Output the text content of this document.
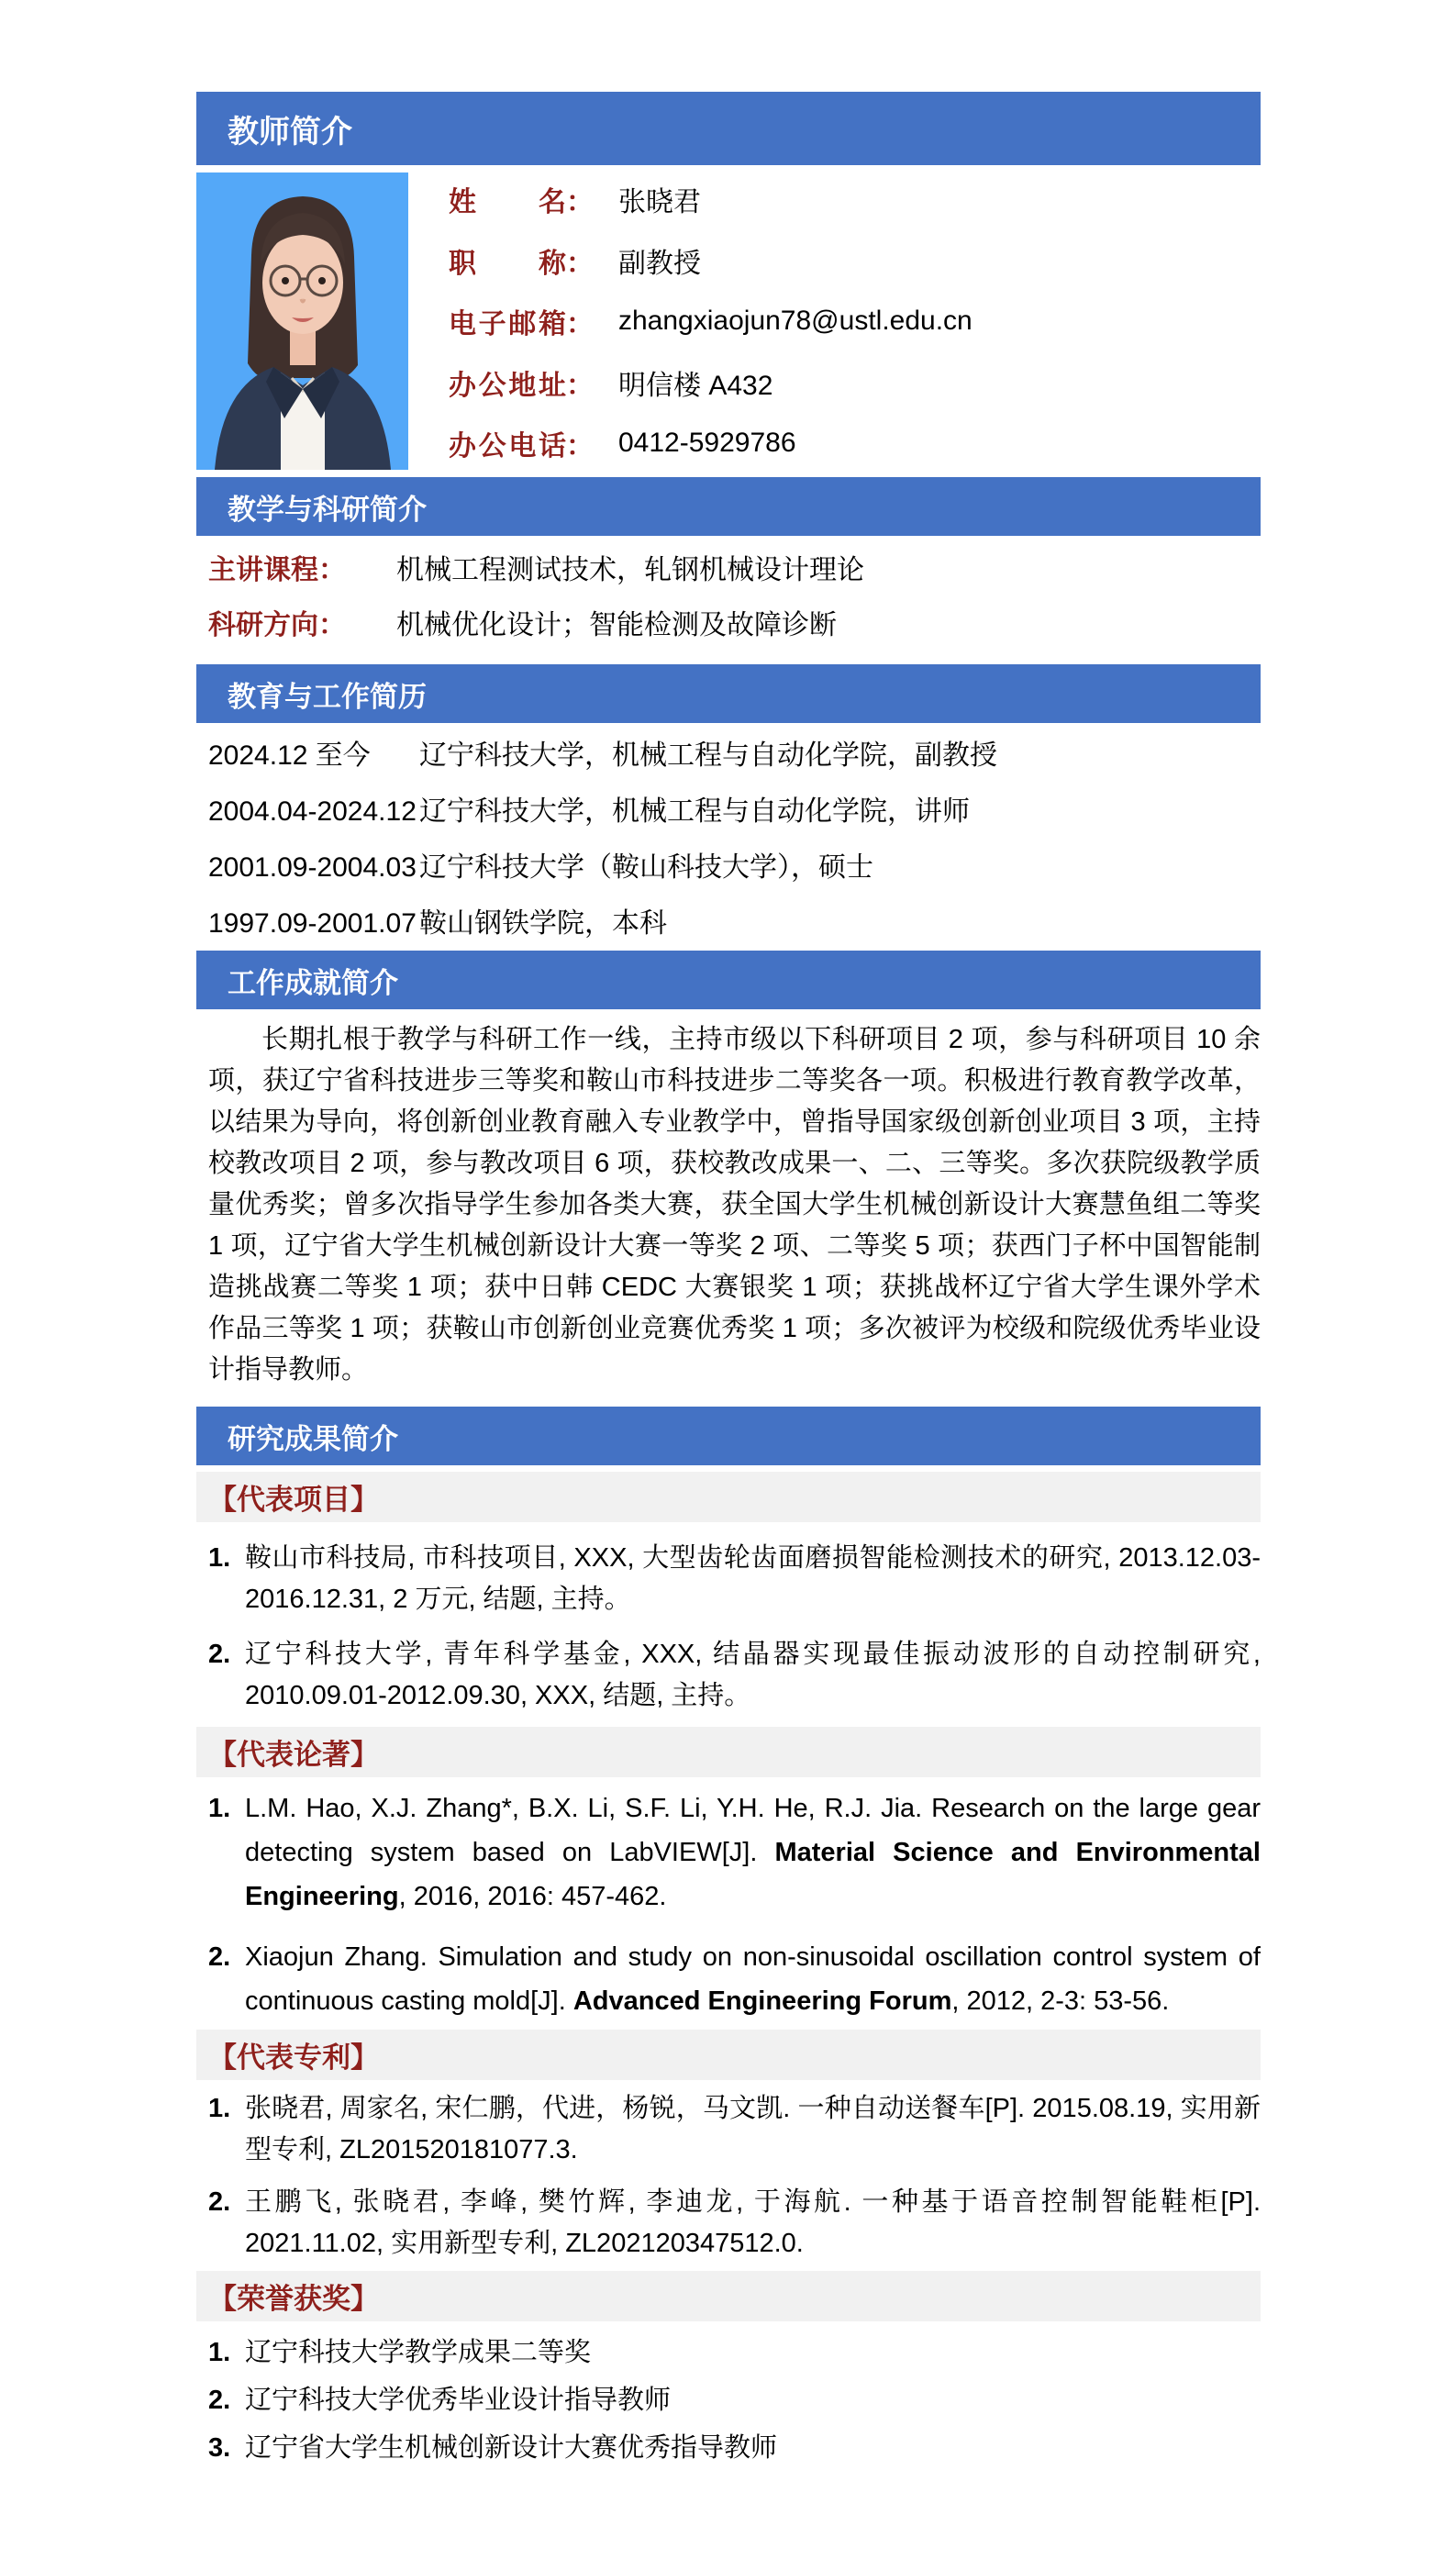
教师简介
姓名 ： 张晓君
职称 ： 副教授
电子邮箱 ： zhangxiaojun78@ustl.edu.cn
办公地址 ： 明信楼 A432
办公电话 ： 0412-5929786
教学与科研简介
主讲课程：	机械工程测试技术，轧钢机械设计理论
科研方向：	机械优化设计；智能检测及故障诊断
教育与工作简历
2024.12 至今	辽宁科技大学，机械工程与自动化学院，副教授
2004.04-2024.12 辽宁科技大学，机械工程与自动化学院，讲师
2001.09-2004.03 辽宁科技大学（鞍山科技大学），硕士
1997.09-2001.07 鞍山钢铁学院，本科
工作成就简介
长期扎根于教学与科研工作一线，主持市级以下科研项目 2 项，参与科研项目 10 余项，获辽宁省科技进步三等奖和鞍山市科技进步二等奖各一项。积极进行教育教学改革，以结果为导向，将创新创业教育融入专业教学中，曾指导国家级创新创业项目 3 项，主持校教改项目 2 项，参与教改项目 6 项，获校教改成果一、二、三等奖。多次获院级教学质量优秀奖；曾多次指导学生参加各类大赛，获全国大学生机械创新设计大赛慧鱼组二等奖 1 项，辽宁省大学生机械创新设计大赛一等奖 2 项、二等奖 5 项；获西门子杯中国智能制造挑战赛二等奖 1 项；获中日韩 CEDC 大赛银奖 1 项；获挑战杯辽宁省大学生课外学术作品三等奖 1 项；获鞍山市创新创业竞赛优秀奖 1 项；多次被评为校级和院级优秀毕业设计指导教师。
研究成果简介
【代表项目】
1. 鞍山市科技局, 市科技项目, XXX, 大型齿轮齿面磨损智能检测技术的研究, 2013.12.03-2016.12.31, 2 万元, 结题, 主持。
2. 辽宁科技大学, 青年科学基金, XXX, 结晶器实现最佳振动波形的自动控制研究, 2010.09.01-2012.09.30, XXX, 结题, 主持。
【代表论著】
1. L.M. Hao, X.J. Zhang*, B.X. Li, S.F. Li, Y.H. He, R.J. Jia. Research on the large gear detecting system based on LabVIEW[J]. Material Science and Environmental Engineering, 2016, 2016: 457-462.
2. Xiaojun Zhang. Simulation and study on non-sinusoidal oscillation control system of continuous casting mold[J]. Advanced Engineering Forum, 2012, 2-3: 53-56.
【代表专利】
1. 张晓君, 周家名, 宋仁鹏，代进，杨锐，马文凯. 一种自动送餐车[P]. 2015.08.19, 实用新型专利, ZL201520181077.3.
2. 王鹏飞, 张晓君, 李峰, 樊竹辉, 李迪龙, 于海航. 一种基于语音控制智能鞋柜[P]. 2021.11.02, 实用新型专利, ZL202120347512.0.
【荣誉获奖】
1. 辽宁科技大学教学成果二等奖
2. 辽宁科技大学优秀毕业设计指导教师
3. 辽宁省大学生机械创新设计大赛优秀指导教师
